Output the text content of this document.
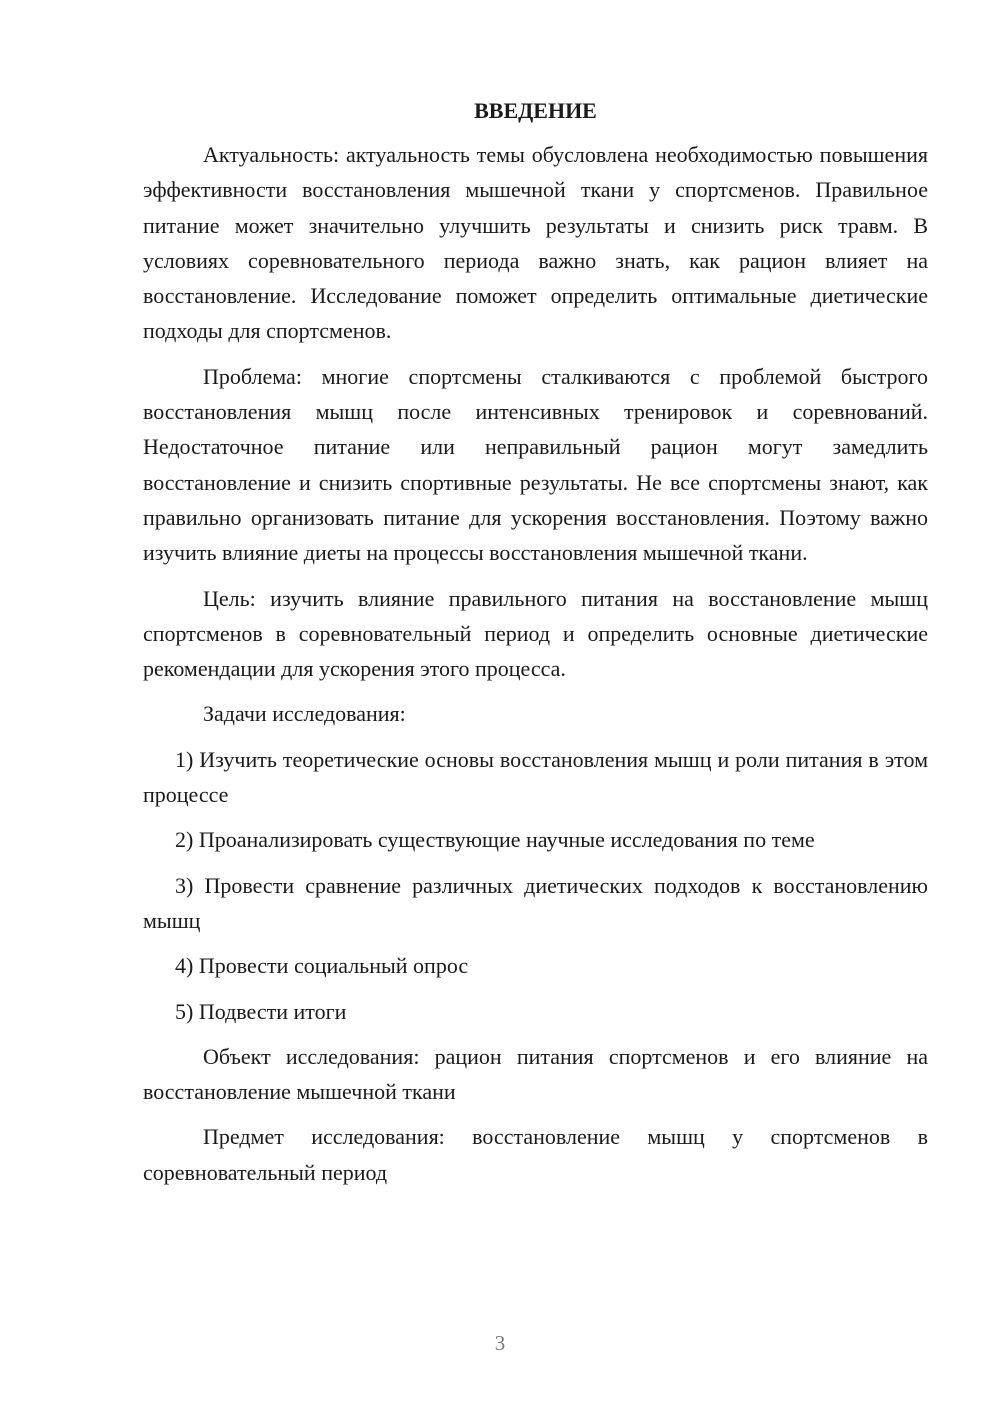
ВВЕДЕНИЕ

Актуальность: актуальность темы обусловлена необходимостью повышения эффективности восстановления мышечной ткани у спортсменов. Правильное питание может значительно улучшить результаты и снизить риск травм. В условиях соревновательного периода важно знать, как рацион влияет на восстановление. Исследование поможет определить оптимальные диетические подходы для спортсменов.

Проблема: многие спортсмены сталкиваются с проблемой быстрого восстановления мышц после интенсивных тренировок и соревнований. Недостаточное питание или неправильный рацион могут замедлить восстановление и снизить спортивные результаты. Не все спортсмены знают, как правильно организовать питание для ускорения восстановления. Поэтому важно изучить влияние диеты на процессы восстановления мышечной ткани.

Цель: изучить влияние правильного питания на восстановление мышц спортсменов в соревновательный период и определить основные диетические рекомендации для ускорения этого процесса.

Задачи исследования:

1) Изучить теоретические основы восстановления мышц и роли питания в этом процессе

2) Проанализировать существующие научные исследования по теме

3) Провести сравнение различных диетических подходов к восстановлению мышц

4) Провести социальный опрос

5) Подвести итоги

Объект исследования: рацион питания спортсменов и его влияние на восстановление мышечной ткани

Предмет исследования: восстановление мышц у спортсменов в соревновательный период

3
